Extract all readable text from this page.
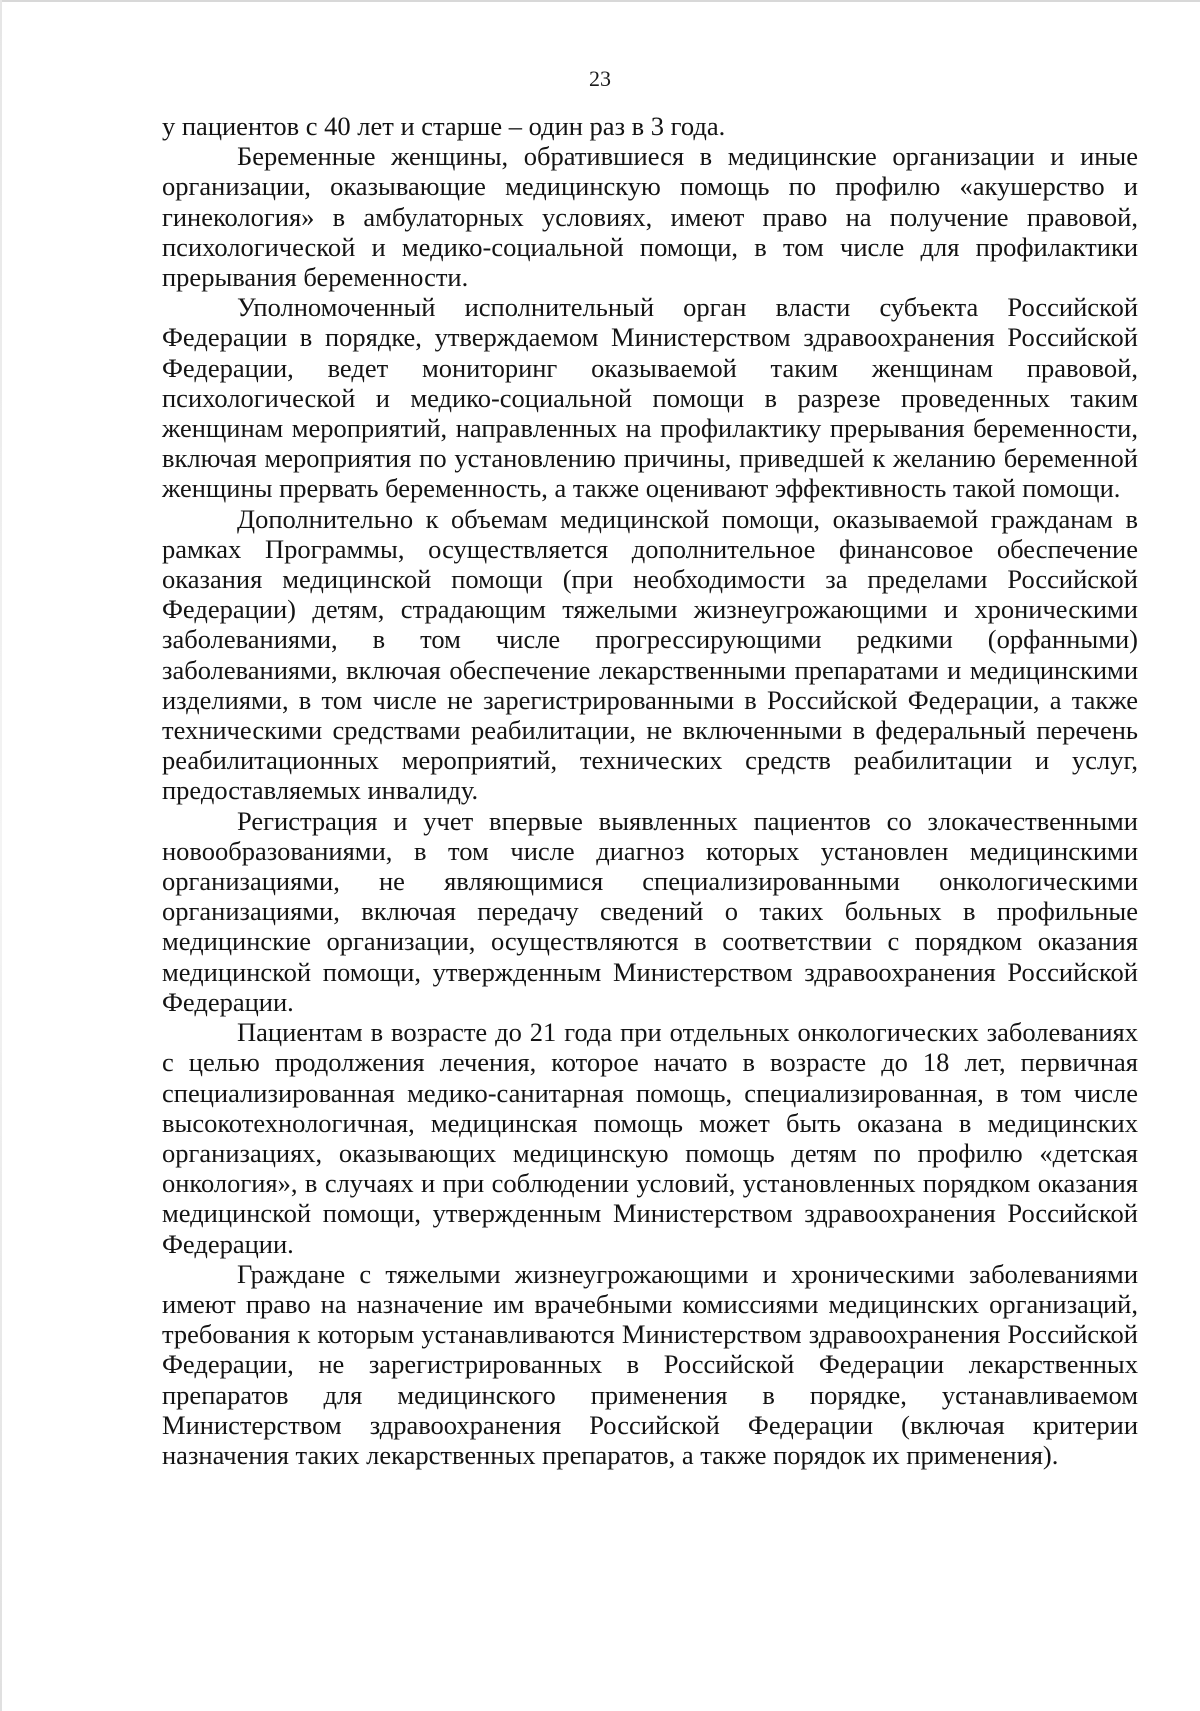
23

у пациентов с 40 лет и старше – один раз в 3 года.

Беременные женщины, обратившиеся в медицинские организации и иные организации, оказывающие медицинскую помощь по профилю «акушерство и гинекология» в амбулаторных условиях, имеют право на получение правовой, психологической и медико-социальной помощи, в том числе для профилактики прерывания беременности.

Уполномоченный исполнительный орган власти субъекта Российской Федерации в порядке, утверждаемом Министерством здравоохранения Российской Федерации, ведет мониторинг оказываемой таким женщинам правовой, психологической и медико-социальной помощи в разрезе проведенных таким женщинам мероприятий, направленных на профилактику прерывания беременности, включая мероприятия по установлению причины, приведшей к желанию беременной женщины прервать беременность, а также оценивают эффективность такой помощи.

Дополнительно к объемам медицинской помощи, оказываемой гражданам в рамках Программы, осуществляется дополнительное финансовое обеспечение оказания медицинской помощи (при необходимости за пределами Российской Федерации) детям, страдающим тяжелыми жизнеугрожающими и хроническими заболеваниями, в том числе прогрессирующими редкими (орфанными) заболеваниями, включая обеспечение лекарственными препаратами и медицинскими изделиями, в том числе не зарегистрированными в Российской Федерации, а также техническими средствами реабилитации, не включенными в федеральный перечень реабилитационных мероприятий, технических средств реабилитации и услуг, предоставляемых инвалиду.

Регистрация и учет впервые выявленных пациентов со злокачественными новообразованиями, в том числе диагноз которых установлен медицинскими организациями, не являющимися специализированными онкологическими организациями, включая передачу сведений о таких больных в профильные медицинские организации, осуществляются в соответствии с порядком оказания медицинской помощи, утвержденным Министерством здравоохранения Российской Федерации.

Пациентам в возрасте до 21 года при отдельных онкологических заболеваниях с целью продолжения лечения, которое начато в возрасте до 18 лет, первичная специализированная медико-санитарная помощь, специализированная, в том числе высокотехнологичная, медицинская помощь может быть оказана в медицинских организациях, оказывающих медицинскую помощь детям по профилю «детская онкология», в случаях и при соблюдении условий, установленных порядком оказания медицинской помощи, утвержденным Министерством здравоохранения Российской Федерации.

Граждане с тяжелыми жизнеугрожающими и хроническими заболеваниями имеют право на назначение им врачебными комиссиями медицинских организаций, требования к которым устанавливаются Министерством здравоохранения Российской Федерации, не зарегистрированных в Российской Федерации лекарственных препаратов для медицинского применения в порядке, устанавливаемом Министерством здравоохранения Российской Федерации (включая критерии назначения таких лекарственных препаратов, а также порядок их применения).
